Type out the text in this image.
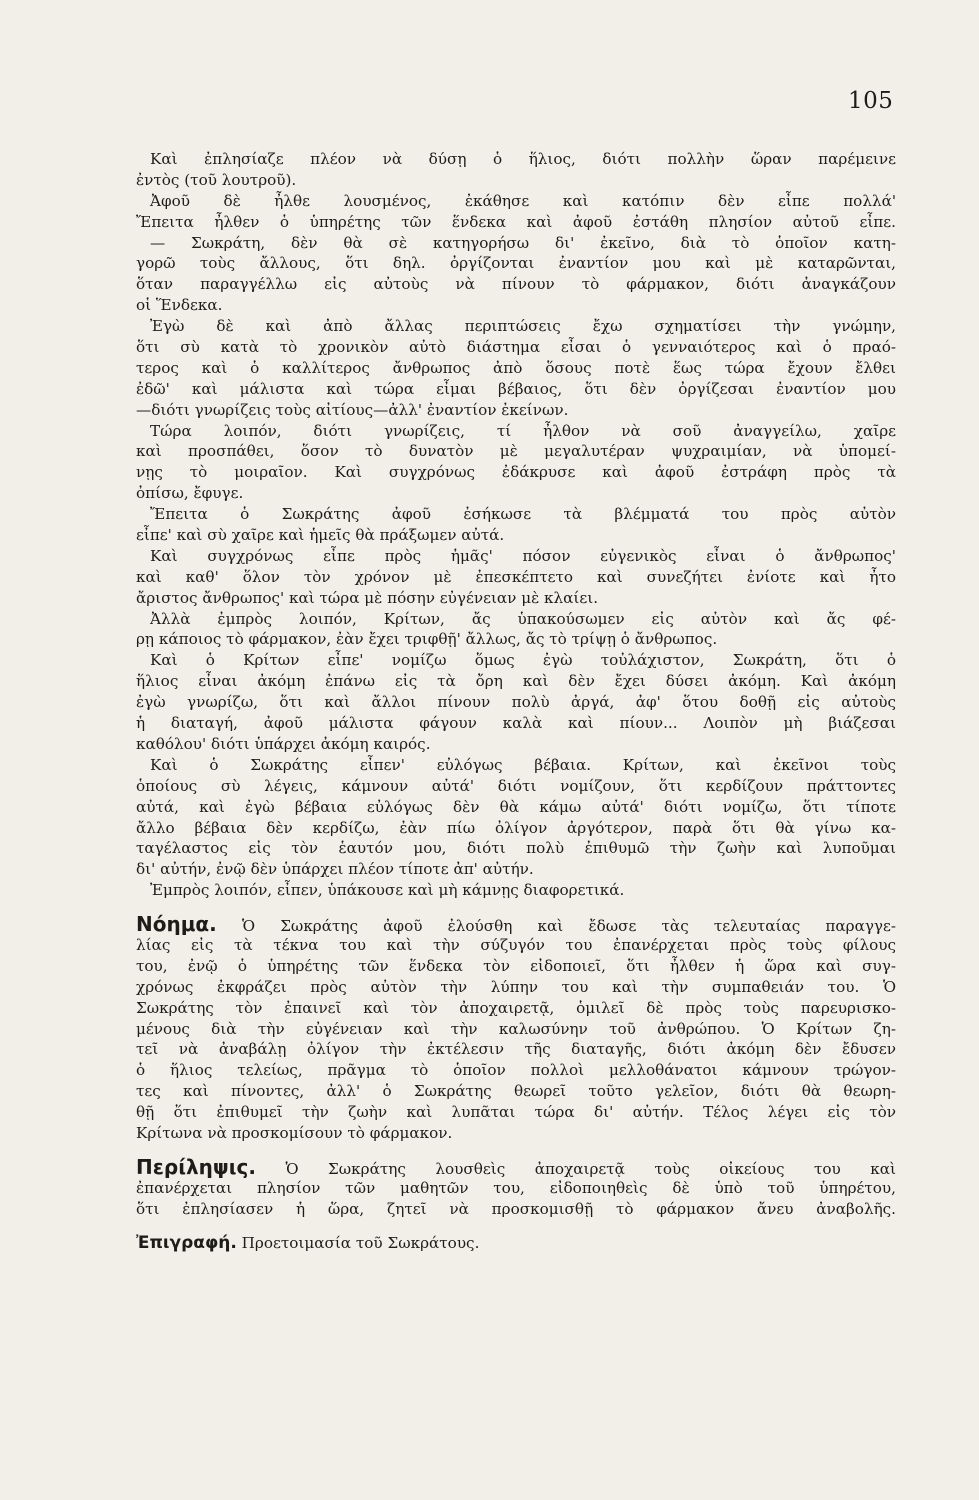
105
Καὶ ἐπλησίαζε πλέον νὰ δύσῃ ὁ ἥλιος, διότι πολλὴν ὥραν παρέμεινε
ἐντὸς (τοῦ λουτροῦ).
Ἀφοῦ δὲ ἦλθε λουσμένος, ἐκάθησε καὶ κατόπιν δὲν εἶπε πολλά'
Ἔπειτα ἦλθεν ὁ ὑπηρέτης τῶν ἕνδεκα καὶ ἀφοῦ ἐστάθη πλησίον αὐτοῦ εἶπε.
— Σωκράτη, δὲν θὰ σὲ κατηγορήσω δι' ἐκεῖνο, διὰ τὸ ὁποῖον κατη-
γορῶ τοὺς ἄλλους, ὅτι δηλ. ὀργίζονται ἐναντίον μου καὶ μὲ καταρῶνται,
ὅταν παραγγέλλω εἰς αὐτοὺς νὰ πίνουν τὸ φάρμακον, διότι ἀναγκάζουν
οἱ Ἕνδεκα.
Ἐγὼ δὲ καὶ ἀπὸ ἄλλας περιπτώσεις ἔχω σχηματίσει τὴν γνώμην,
ὅτι σὺ κατὰ τὸ χρονικὸν αὐτὸ διάστημα εἶσαι ὁ γενναιότερος καὶ ὁ πραό-
τερος καὶ ὁ καλλίτερος ἄνθρωπος ἀπὸ ὅσους ποτὲ ἕως τώρα ἔχουν ἔλθει
ἐδῶ' καὶ μάλιστα καὶ τώρα εἶμαι βέβαιος, ὅτι δὲν ὀργίζεσαι ἐναντίον μου
—διότι γνωρίζεις τοὺς αἰτίους—ἀλλ' ἐναντίον ἐκείνων.
Τώρα λοιπόν, διότι γνωρίζεις, τί ἦλθον νὰ σοῦ ἀναγγείλω, χαῖρε
καὶ προσπάθει, ὅσον τὸ δυνατὸν μὲ μεγαλυτέραν ψυχραιμίαν, νὰ ὑπομεί-
νῃς τὸ μοιραῖον. Καὶ συγχρόνως ἐδάκρυσε καὶ ἀφοῦ ἐστράφη πρὸς τὰ
ὀπίσω, ἔφυγε.
Ἔπειτα ὁ Σωκράτης ἀφοῦ ἐσήκωσε τὰ βλέμματά του πρὸς αὐτὸν
εἶπε' καὶ σὺ χαῖρε καὶ ἡμεῖς θὰ πράξωμεν αὐτά.
Καὶ συγχρόνως εἶπε πρὸς ἡμᾶς' πόσον εὐγενικὸς εἶναι ὁ ἄνθρωπος'
καὶ καθ' ὅλον τὸν χρόνον μὲ ἐπεσκέπτετο καὶ συνεζήτει ἐνίοτε καὶ ἦτο
ἄριστος ἄνθρωπος' καὶ τώρα μὲ πόσην εὐγένειαν μὲ κλαίει.
Ἀλλὰ ἐμπρὸς λοιπόν, Κρίτων, ἄς ὑπακούσωμεν εἰς αὐτὸν καὶ ἄς φέ-
ρῃ κάποιος τὸ φάρμακον, ἐὰν ἔχει τριφθῇ' ἄλλως, ἄς τὸ τρίψῃ ὁ ἄνθρωπος.
Καὶ ὁ Κρίτων εἶπε' νομίζω ὅμως ἐγὼ τοὐλάχιστον, Σωκράτη, ὅτι ὁ
ἥλιος εἶναι ἀκόμη ἐπάνω εἰς τὰ ὄρη καὶ δὲν ἔχει δύσει ἀκόμη. Καὶ ἀκόμη
ἐγὼ γνωρίζω, ὅτι καὶ ἄλλοι πίνουν πολὺ ἀργά, ἀφ' ὅτου δοθῇ εἰς αὐτοὺς
ἡ διαταγή, ἀφοῦ μάλιστα φάγουν καλὰ καὶ πίουν... Λοιπὸν μὴ βιάζεσαι
καθόλου' διότι ὑπάρχει ἀκόμη καιρός.
Καὶ ὁ Σωκράτης εἶπεν' εὐλόγως βέβαια. Κρίτων, καὶ ἐκεῖνοι τοὺς
ὁποίους σὺ λέγεις, κάμνουν αὐτά' διότι νομίζουν, ὅτι κερδίζουν πράττοντες
αὐτά, καὶ ἐγὼ βέβαια εὐλόγως δὲν θὰ κάμω αὐτά' διότι νομίζω, ὅτι τίποτε
ἄλλο βέβαια δὲν κερδίζω, ἐὰν πίω ὀλίγον ἀργότερον, παρὰ ὅτι θὰ γίνω κα-
ταγέλαστος εἰς τὸν ἑαυτόν μου, διότι πολὺ ἐπιθυμῶ τὴν ζωὴν καὶ λυποῦμαι
δι' αὐτήν, ἐνῷ δὲν ὑπάρχει πλέον τίποτε ἀπ' αὐτήν.
Ἐμπρὸς λοιπόν, εἶπεν, ὑπάκουσε καὶ μὴ κάμνῃς διαφορετικά.
Νόημα. Ὁ Σωκράτης ἀφοῦ ἐλούσθη καὶ ἔδωσε τὰς τελευταίας παραγγε-
λίας εἰς τὰ τέκνα του καὶ τὴν σύζυγόν του ἐπανέρχεται πρὸς τοὺς φίλους
του, ἐνῷ ὁ ὑπηρέτης τῶν ἕνδεκα τὸν εἰδοποιεῖ, ὅτι ἦλθεν ἡ ὥρα καὶ συγ-
χρόνως ἐκφράζει πρὸς αὐτὸν τὴν λύπην του καὶ τὴν συμπαθειάν του. Ὁ
Σωκράτης τὸν ἐπαινεῖ καὶ τὸν ἀποχαιρετᾷ, ὁμιλεῖ δὲ πρὸς τοὺς παρευρισκο-
μένους διὰ τὴν εὐγένειαν καὶ τὴν καλωσύνην τοῦ ἀνθρώπου. Ὁ Κρίτων ζη-
τεῖ νὰ ἀναβάλῃ ὀλίγον τὴν ἐκτέλεσιν τῆς διαταγῆς, διότι ἀκόμη δὲν ἔδυσεν
ὁ ἥλιος τελείως, πρᾶγμα τὸ ὁποῖον πολλοὶ μελλοθάνατοι κάμνουν τρώγον-
τες καὶ πίνοντες, ἀλλ' ὁ Σωκράτης θεωρεῖ τοῦτο γελεῖον, διότι θὰ θεωρη-
θῇ ὅτι ἐπιθυμεῖ τὴν ζωὴν καὶ λυπᾶται τώρα δι' αὐτήν. Τέλος λέγει εἰς τὸν
Κρίτωνα νὰ προσκομίσουν τὸ φάρμακον.
Περίληψις. Ὁ Σωκράτης λουσθεὶς ἀποχαιρετᾷ τοὺς οἰκείους του καὶ
ἐπανέρχεται πλησίον τῶν μαθητῶν του, εἰδοποιηθεὶς δὲ ὑπὸ τοῦ ὑπηρέτου,
ὅτι ἐπλησίασεν ἡ ὥρα, ζητεῖ νὰ προσκομισθῇ τὸ φάρμακον ἄνευ ἀναβολῆς.
Ἐπιγραφή. Προετοιμασία τοῦ Σωκράτους.
